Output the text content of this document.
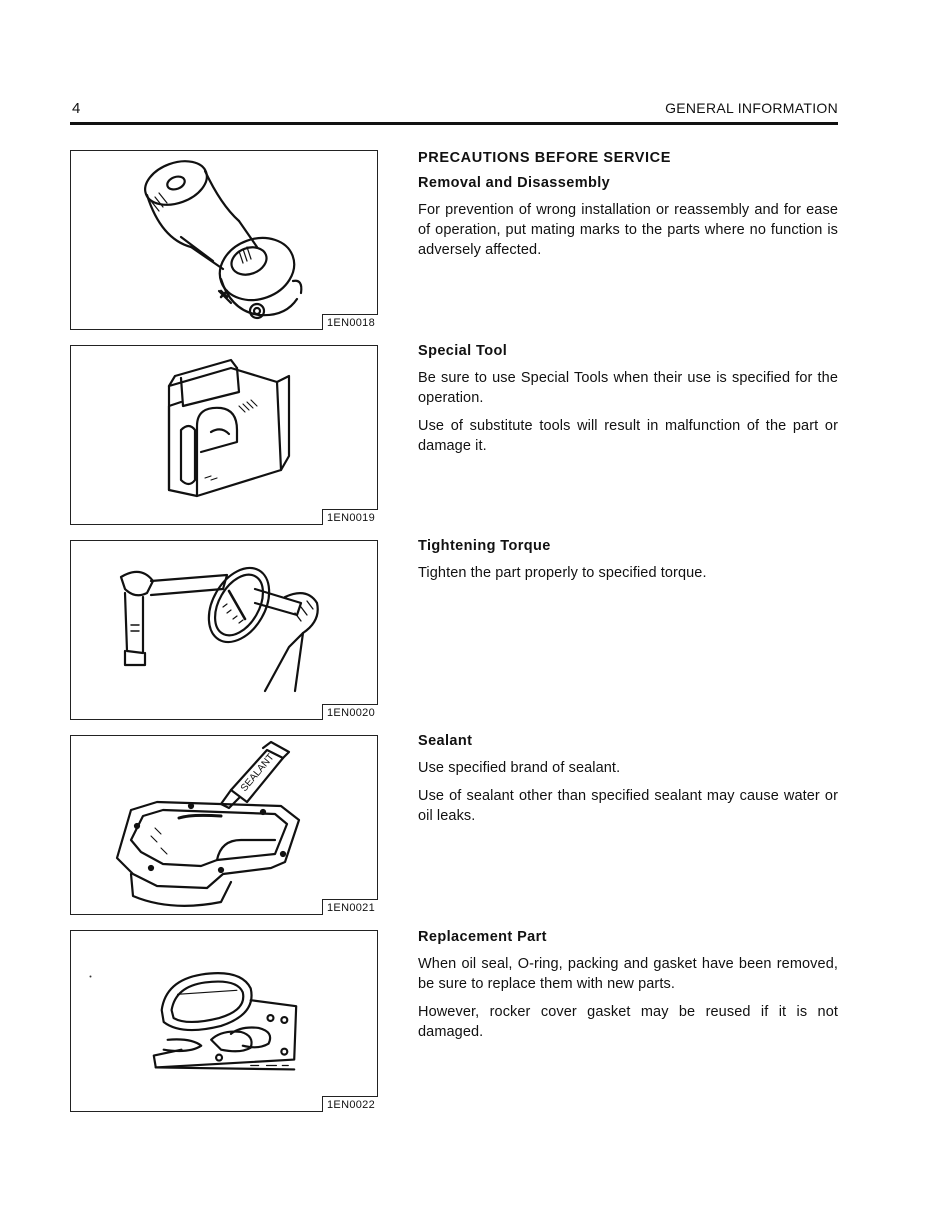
4	GENERAL INFORMATION
1EN0018
1EN0019
1EN0020
SEALANT
1EN0021
1EN0022
PRECAUTIONS BEFORE SERVICE
Removal and Disassembly

For prevention of wrong installation or reassembly and for ease of operation, put mating marks to the parts where no function is adversely affected.

Special Tool

Be sure to use Special Tools when their use is specified for the operation.

Use of substitute tools will result in malfunction of the part or damage it.

Tightening Torque

Tighten the part properly to specified torque.

Sealant

Use specified brand of sealant.

Use of sealant other than specified sealant may cause water or oil leaks.

Replacement Part

When oil seal, O-ring, packing and gasket have been removed, be sure to replace them with new parts.

However, rocker cover gasket may be reused if it is not damaged.
